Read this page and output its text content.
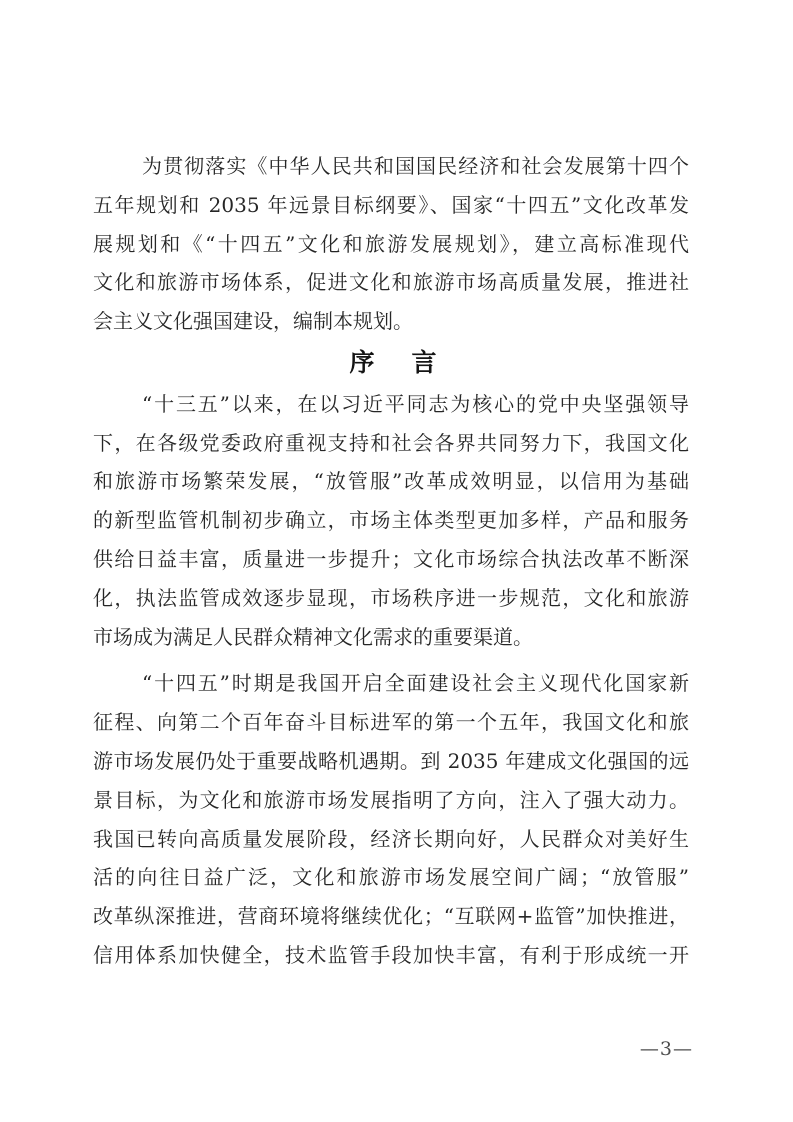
为贯彻落实《中华人民共和国国民经济和社会发展第十四个
五年规划和 2035 年远景目标纲要》、国家“十四五”文化改革发
展规划和《“十四五”文化和旅游发展规划》，建立高标准现代
文化和旅游市场体系，促进文化和旅游市场高质量发展，推进社
会主义文化强国建设，编制本规划。
序　言
“十三五”以来，在以习近平同志为核心的党中央坚强领导
下，在各级党委政府重视支持和社会各界共同努力下，我国文化
和旅游市场繁荣发展，“放管服”改革成效明显，以信用为基础
的新型监管机制初步确立，市场主体类型更加多样，产品和服务
供给日益丰富，质量进一步提升；文化市场综合执法改革不断深
化，执法监管成效逐步显现，市场秩序进一步规范，文化和旅游
市场成为满足人民群众精神文化需求的重要渠道。
“十四五”时期是我国开启全面建设社会主义现代化国家新
征程、向第二个百年奋斗目标进军的第一个五年，我国文化和旅
游市场发展仍处于重要战略机遇期。到 2035 年建成文化强国的远
景目标，为文化和旅游市场发展指明了方向，注入了强大动力。
我国已转向高质量发展阶段，经济长期向好，人民群众对美好生
活的向往日益广泛，文化和旅游市场发展空间广阔；“放管服”
改革纵深推进，营商环境将继续优化；“互联网+监管”加快推进，
信用体系加快健全，技术监管手段加快丰富，有利于形成统一开
—3—
